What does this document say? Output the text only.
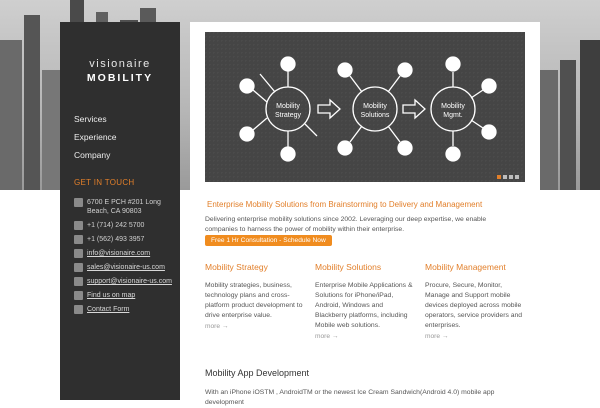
visionaire
MOBILITY
Services
Experience
Company
GET IN TOUCH
6700 E PCH #201 Long Beach, CA 90803
+1 (714) 242 5700
+1 (562) 493 3957
info@visionaire.com
sales@visionaire-us.com
support@visionaire-us.com
Find us on map
Contact Form
Mobility
Strategy
Mobility
Solutions
Mobility
Mgmt.
Enterprise Mobility Solutions from Brainstorming to Delivery and Management
Delivering enterprise mobility solutions since 2002. Leveraging our deep expertise, we enable companies to harness the power of mobility within their enterprise.
Free 1 Hr Consultation - Schedule Now
Mobility Strategy

Mobility strategies, business, technology plans and cross-platform product development to drive enterprise value.

more →
Mobility Solutions

Enterprise Mobile Applications & Solutions for iPhone/iPad, Android, Windows and Blackberry platforms, including Mobile web solutions.

more →
Mobility Management

Procure, Secure, Monitor, Manage and Support mobile devices deployed across mobile operators, service providers and enterprises.

more →
Mobility App Development
With an iPhone iOSTM , AndroidTM or the newest Ice Cream Sandwich(Android 4.0) mobile app development
